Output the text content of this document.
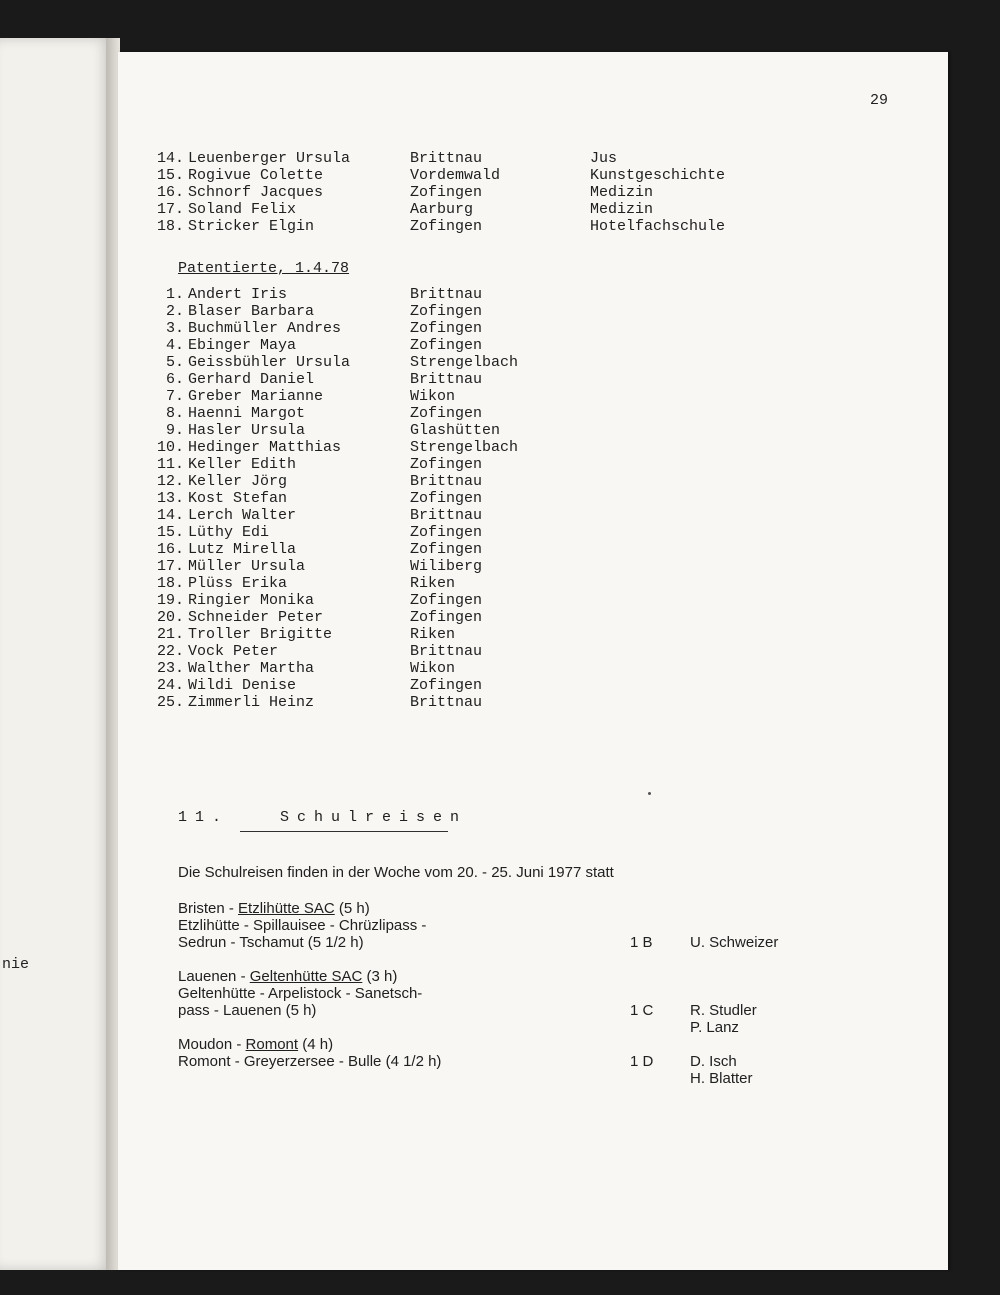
nie
29
14. Leuenberger Ursula	Brittnau	Jus
15. Rogivue Colette	Vordemwald	Kunstgeschichte
16. Schnorf Jacques	Zofingen	Medizin
17. Soland Felix	Aarburg	Medizin
18. Stricker Elgin	Zofingen	Hotelfachschule
Patentierte, 1.4.78
1. Andert Iris	Brittnau
2. Blaser Barbara	Zofingen
3. Buchmüller Andres	Zofingen
4. Ebinger Maya	Zofingen
5. Geissbühler Ursula	Strengelbach
6. Gerhard Daniel	Brittnau
7. Greber Marianne	Wikon
8. Haenni Margot	Zofingen
9. Hasler Ursula	Glashütten
10. Hedinger Matthias	Strengelbach
11. Keller Edith	Zofingen
12. Keller Jörg	Brittnau
13. Kost Stefan	Zofingen
14. Lerch Walter	Brittnau
15. Lüthy Edi	Zofingen
16. Lutz Mirella	Zofingen
17. Müller Ursula	Wiliberg
18. Plüss Erika	Riken
19. Ringier Monika	Zofingen
20. Schneider Peter	Zofingen
21. Troller Brigitte	Riken
22. Vock Peter	Brittnau
23. Walther Martha	Wikon
24. Wildi Denise	Zofingen
25. Zimmerli Heinz	Brittnau
11.	Schulreisen
Die Schulreisen finden in der Woche vom 20. - 25. Juni 1977 statt
Bristen - Etzlihütte SAC (5 h)
Etzlihütte - Spillauisee - Chrüzlipass -
Sedrun - Tschamut (5 1/2 h)	1 B U. Schweizer
Lauenen - Geltenhütte SAC (3 h)
Geltenhütte - Arpelistock - Sanetsch-
pass - Lauenen (5 h)	1 C R. Studler
P. Lanz
Moudon - Romont (4 h)
Romont - Greyerzersee - Bulle (4 1/2 h)	1 D D. Isch
H. Blatter
